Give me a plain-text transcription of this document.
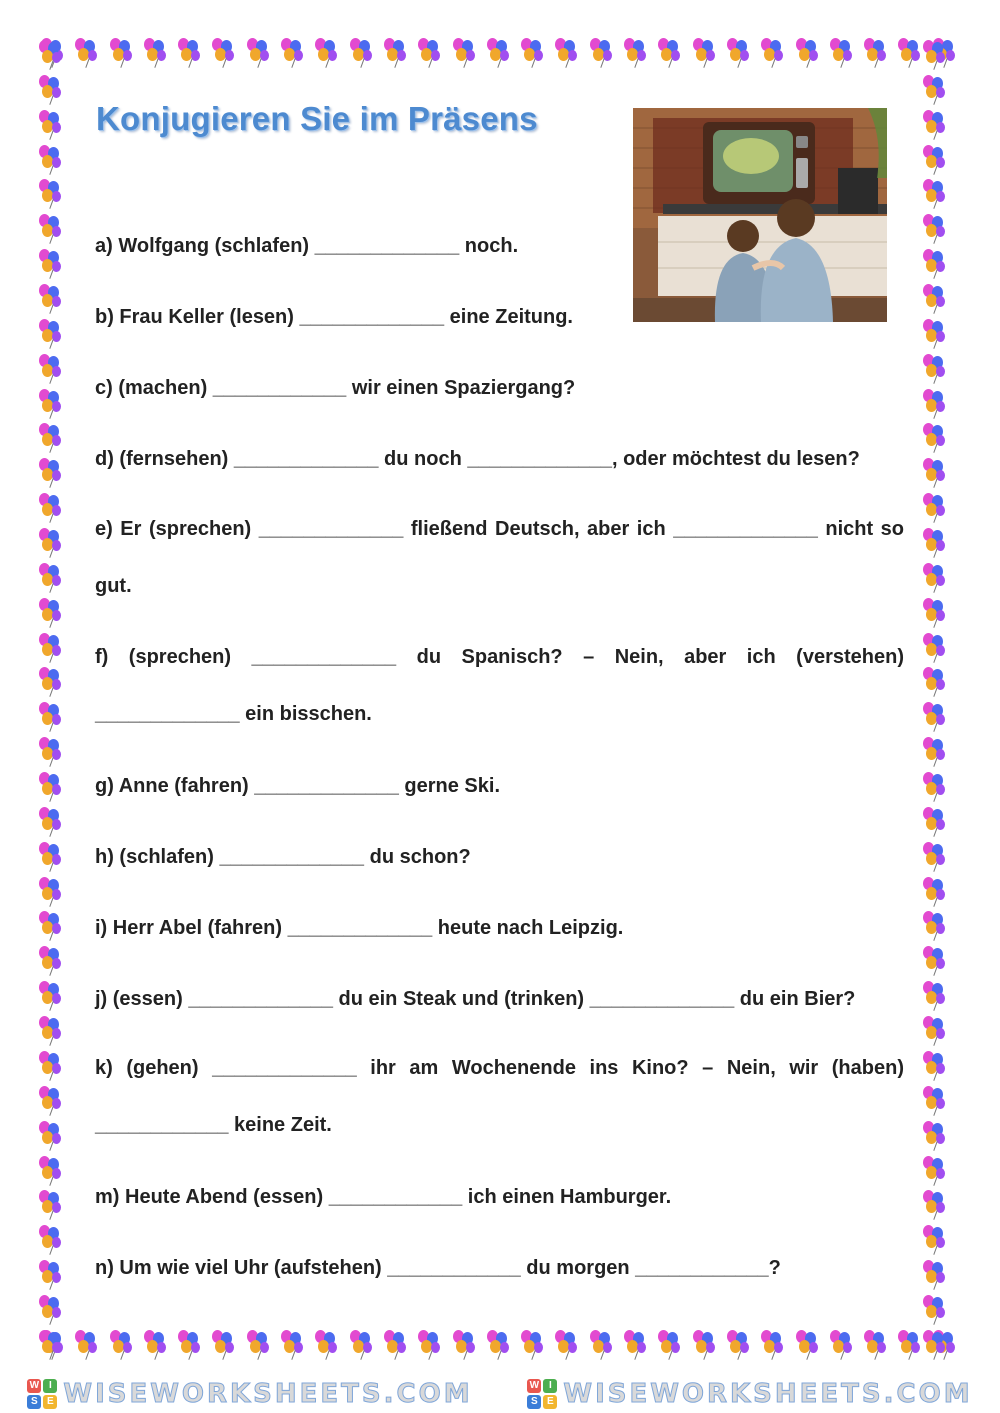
Konjugieren Sie im Präsens
a) Wolfgang (schlafen) _____________ noch.
b) Frau Keller (lesen) _____________ eine Zeitung.
c) (machen) ____________ wir einen Spaziergang?
d) (fernsehen) _____________ du noch _____________, oder möchtest du lesen?
e) Er (sprechen) _____________ fließend Deutsch, aber ich _____________ nicht so gut.
f) (sprechen) _____________ du Spanisch? – Nein, aber ich (verstehen) _____________ ein bisschen.
g) Anne (fahren) _____________ gerne Ski.
h) (schlafen) _____________ du schon?
i) Herr Abel (fahren) _____________ heute nach Leipzig.
j) (essen) _____________ du ein Steak und (trinken) _____________ du ein Bier?
k) (gehen) _____________ ihr am Wochenende ins Kino? – Nein, wir (haben) ____________ keine Zeit.
m) Heute Abend (essen) ____________ ich einen Hamburger.
n) Um wie viel Uhr (aufstehen) ____________ du morgen ____________?
W I
S E WISEWORKSHEETS.COM	W I
S E WISEWORKSHEETS.COM
